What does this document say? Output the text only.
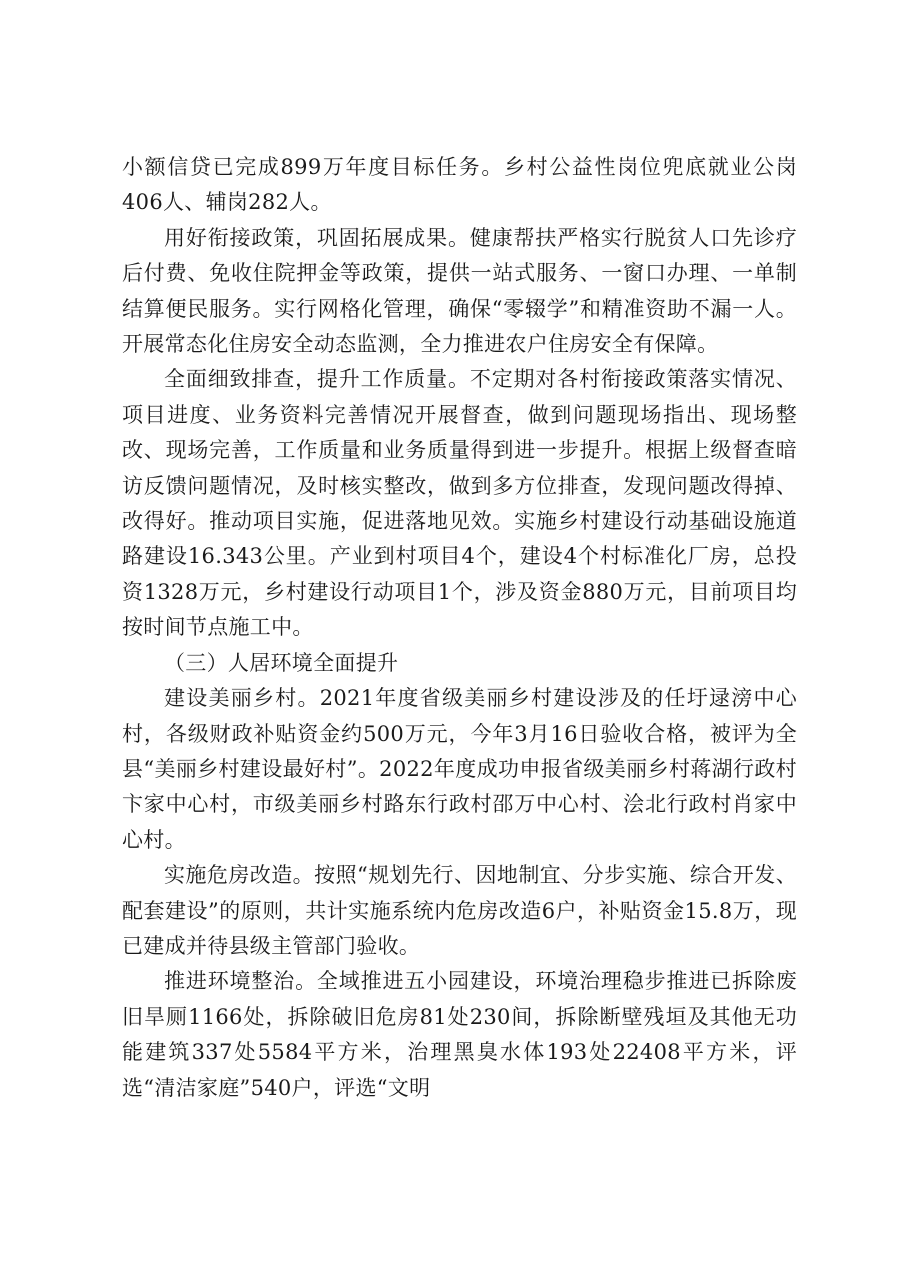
小额信贷已完成899万年度目标任务。乡村公益性岗位兜底就业公岗406人、辅岗282人。

用好衔接政策，巩固拓展成果。健康帮扶严格实行脱贫人口先诊疗后付费、免收住院押金等政策，提供一站式服务、一窗口办理、一单制结算便民服务。实行网格化管理，确保“零辍学”和精准资助不漏一人。开展常态化住房安全动态监测，全力推进农户住房安全有保障。

全面细致排查，提升工作质量。不定期对各村衔接政策落实情况、项目进度、业务资料完善情况开展督查，做到问题现场指出、现场整改、现场完善，工作质量和业务质量得到进一步提升。根据上级督查暗访反馈问题情况，及时核实整改，做到多方位排查，发现问题改得掉、改得好。推动项目实施，促进落地见效。实施乡村建设行动基础设施道路建设16.343公里。产业到村项目4个，建设4个村标准化厂房，总投资1328万元，乡村建设行动项目1个，涉及资金880万元，目前项目均按时间节点施工中。

（三）人居环境全面提升

建设美丽乡村。2021年度省级美丽乡村建设涉及的任圩逯滂中心村，各级财政补贴资金约500万元，今年3月16日验收合格，被评为全县“美丽乡村建设最好村”。2022年度成功申报省级美丽乡村蒋湖行政村卞家中心村，市级美丽乡村路东行政村邵万中心村、浍北行政村肖家中心村。

实施危房改造。按照“规划先行、因地制宜、分步实施、综合开发、配套建设”的原则，共计实施系统内危房改造6户，补贴资金15.8万，现已建成并待县级主管部门验收。

推进环境整治。全域推进五小园建设，环境治理稳步推进已拆除废旧旱厕1166处，拆除破旧危房81处230间，拆除断壁残垣及其他无功能建筑337处5584平方米，治理黑臭水体193处22408平方米，评选“清洁家庭”540户，评选“文明
